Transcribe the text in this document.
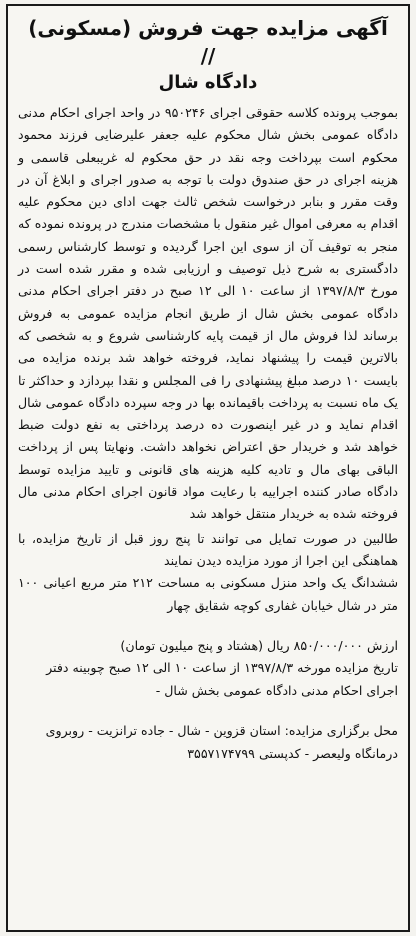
آگهی مزایده جهت فروش (مسکونی) //
دادگاه شال

بموجب پرونده کلاسه حقوقی اجرای ۹۵۰۲۴۶ در واحد اجرای احکام مدنی دادگاه عمومی بخش شال محکوم علیه جعفر علیرضایی فرزند محمود محکوم است بپرداخت وجه نقد در حق محکوم له غریبعلی قاسمی و هزینه اجرای در حق صندوق دولت با توجه به صدور اجرای و ابلاغ آن در وقت مقرر و بنابر درخواست شخص ثالث جهت ادای دین محکوم علیه اقدام به معرفی اموال غیر منقول با مشخصات مندرج در پرونده نموده که منجر به توقیف آن از سوی این اجرا گردیده و توسط کارشناس رسمی دادگستری به شرح ذیل توصیف و ارزیابی شده و مقرر شده است در مورخ ۱۳۹۷/۸/۳ از ساعت ۱۰ الی ۱۲ صبح در دفتر اجرای احکام مدنی دادگاه عمومی بخش شال از طریق انجام مزایده عمومی به فروش برساند لذا فروش مال از قیمت پایه کارشناسی شروع و به شخصی که بالاترین قیمت را پیشنهاد نماید، فروخته خواهد شد برنده مزایده می بایست ۱۰ درصد مبلغ پیشنهادی را فی المجلس و نقدا بپردازد و حداکثر تا یک ماه نسبت به پرداخت باقیمانده بها در وجه سپرده دادگاه عمومی شال اقدام نماید و در غیر اینصورت ده درصد پرداختی به نفع دولت ضبط خواهد شد و خریدار حق اعتراض نخواهد داشت. ونهایتا پس از پرداخت الباقی بهای مال و تادیه کلیه هزینه های قانونی و تایید مزایده توسط دادگاه صادر کننده اجراییه با رعایت مواد قانون اجرای احکام مدنی مال فروخته شده به خریدار منتقل خواهد شد

طالبین در صورت تمایل می توانند تا پنج روز قبل از تاریخ مزایده، با هماهنگی این اجرا از مورد مزایده دیدن نمایند

ششدانگ یک واحد منزل مسکونی به مساحت ۲۱۲ متر مربع اعیانی ۱۰۰ متر در شال خیابان غفاری کوچه شقایق چهار

ارزش ۸۵۰/۰۰۰/۰۰۰ ریال (هشتاد و پنج میلیون تومان)

تاریخ مزایده مورخه ۱۳۹۷/۸/۳ از ساعت ۱۰ الی ۱۲ صبح چوبینه دفتر اجرای احکام مدنی دادگاه عمومی بخش شال -

محل برگزاری مزایده: استان قزوین - شال - جاده ترانزیت - روبروی درمانگاه ولیعصر - کدپستی ۳۵۵۷۱۷۴۷۹۹
